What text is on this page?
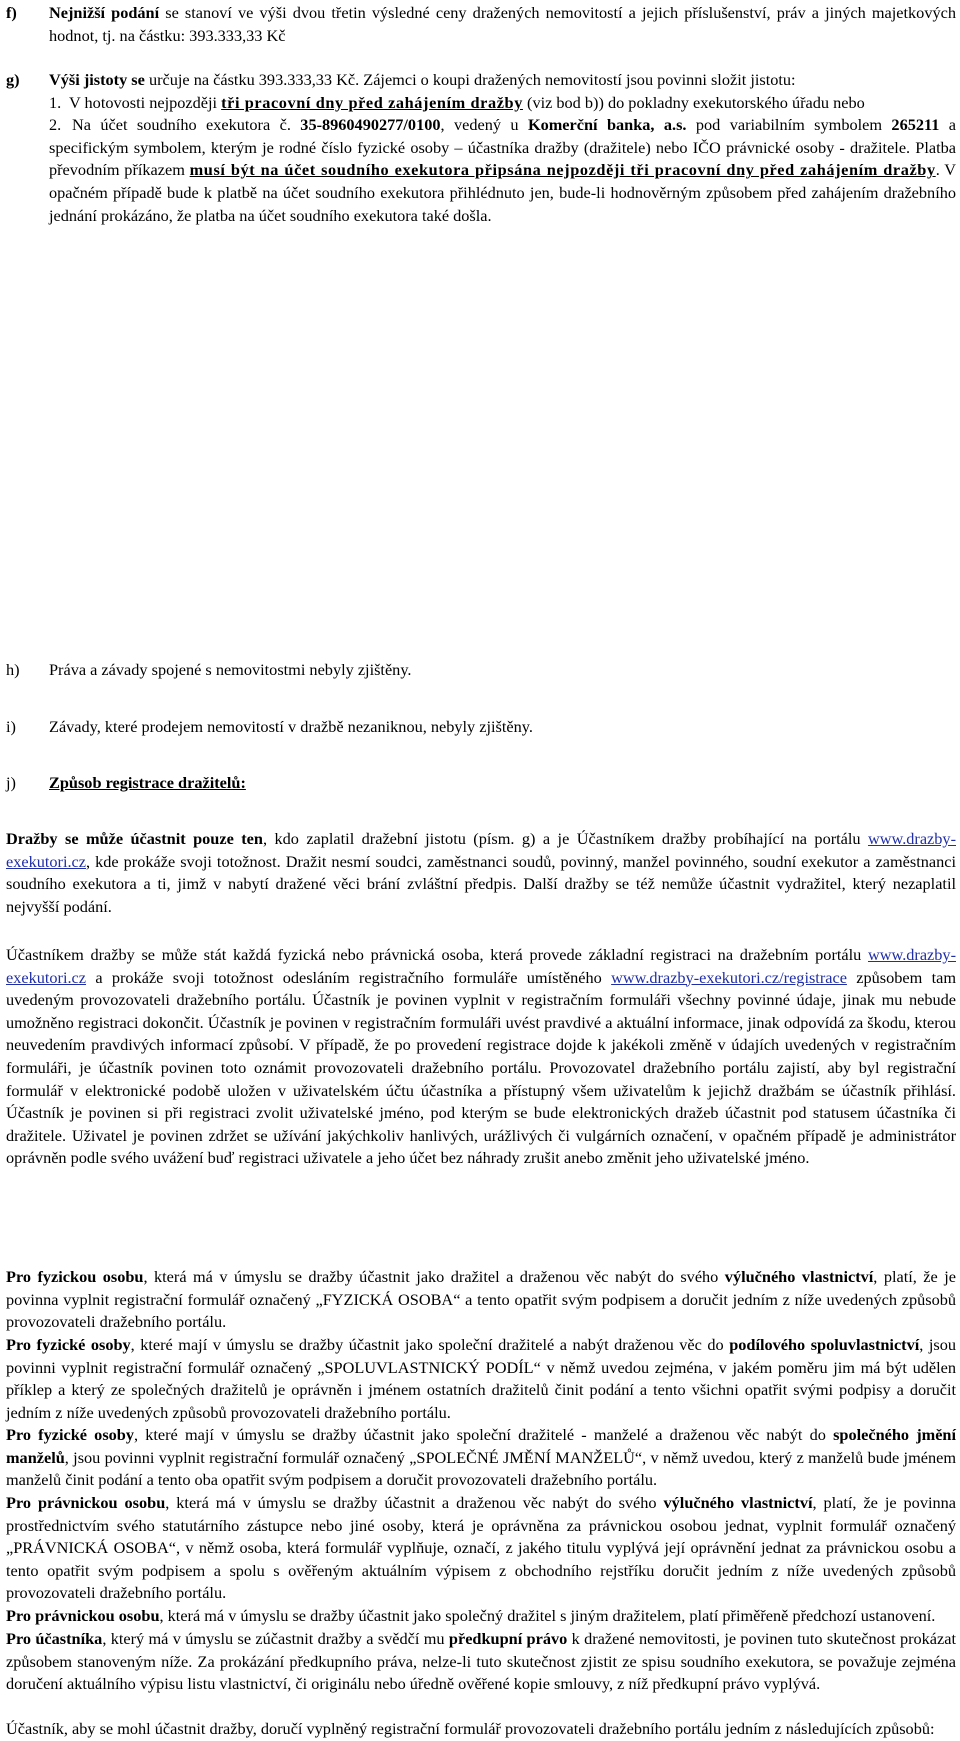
f)	Nejnižší podání se stanoví ve výši dvou třetin výsledné ceny dražených nemovitostí a jejich příslušenství, práv a jiných majetkových hodnot, tj. na částku: 393.333,33 Kč
g)	Výši jistoty se určuje na částku 393.333,33 Kč. Zájemci o koupi dražených nemovitostí jsou povinni složit jistotu:
1. V hotovosti nejpozději tři pracovní dny před zahájením dražby (viz bod b)) do pokladny exekutorského úřadu nebo
2. Na účet soudního exekutora č. 35-8960490277/0100, vedený u Komerční banka, a.s. pod variabilním symbolem 265211 a specifickým symbolem, kterým je rodné číslo fyzické osoby – účastníka dražby (dražitele) nebo IČO právnické osoby - dražitele. Platba převodním příkazem musí být na účet soudního exekutora připsána nejpozději tři pracovní dny před zahájením dražby. V opačném případě bude k platbě na účet soudního exekutora přihlédnuto jen, bude-li hodnověrným způsobem před zahájením dražebního jednání prokázáno, že platba na účet soudního exekutora také došla.
h)	Práva a závady spojené s nemovitostmi nebyly zjištěny.
i)	Závady, které prodejem nemovitostí v dražbě nezaniknou, nebyly zjištěny.
j)	Způsob registrace dražitelů:

Dražby se může účastnit pouze ten, kdo zaplatil dražební jistotu (písm. g) a je Účastníkem dražby probíhající na portálu www.drazby-exekutori.cz, kde prokáže svoji totožnost. Dražit nesmí soudci, zaměstnanci soudů, povinný, manžel povinného, soudní exekutor a zaměstnanci soudního exekutora a ti, jimž v nabytí dražené věci brání zvláštní předpis. Další dražby se též nemůže účastnit vydražitel, který nezaplatil nejvyšší podání.

Účastníkem dražby se může stát každá fyzická nebo právnická osoba, která provede základní registraci na dražebním portálu www.drazby-exekutori.cz a prokáže svoji totožnost odesláním registračního formuláře umístěného www.drazby-exekutori.cz/registrace způsobem tam uvedeným provozovateli dražebního portálu. Účastník je povinen vyplnit v registračním formuláři všechny povinné údaje, jinak mu nebude umožněno registraci dokončit. Účastník je povinen v registračním formuláři uvést pravdivé a aktuální informace, jinak odpovídá za škodu, kterou neuvedením pravdivých informací způsobí. V případě, že po provedení registrace dojde k jakékoli změně v údajích uvedených v registračním formuláři, je účastník povinen toto oznámit provozovateli dražebního portálu. Provozovatel dražebního portálu zajistí, aby byl registrační formulář v elektronické podobě uložen v uživatelském účtu účastníka a přístupný všem uživatelům k jejichž dražbám se účastník přihlásí. Účastník je povinen si při registraci zvolit uživatelské jméno, pod kterým se bude elektronických dražeb účastnit pod statusem účastníka či dražitele. Uživatel je povinen zdržet se užívání jakýchkoliv hanlivých, urážlivých či vulgárních označení, v opačném případě je administrátor oprávněn podle svého uvážení buď registraci uživatele a jeho účet bez náhrady zrušit anebo změnit jeho uživatelské jméno.

Pro fyzickou osobu, která má v úmyslu se dražby účastnit jako dražitel a draženou věc nabýt do svého výlučného vlastnictví, platí, že je povinna vyplnit registrační formulář označený „FYZICKÁ OSOBA“ a tento opatřit svým podpisem a doručit jedním z níže uvedených způsobů provozovateli dražebního portálu.

Pro fyzické osoby, které mají v úmyslu se dražby účastnit jako společní dražitelé a nabýt draženou věc do podílového spoluvlastnictví, jsou povinni vyplnit registrační formulář označený „SPOLUVLASTNICKÝ PODÍL“ v němž uvedou zejména, v jakém poměru jim má být udělen příklep a který ze společných dražitelů je oprávněn i jménem ostatních dražitelů činit podání a tento všichni opatřit svými podpisy a doručit jedním z níže uvedených způsobů provozovateli dražebního portálu.

Pro fyzické osoby, které mají v úmyslu se dražby účastnit jako společní dražitelé - manželé a draženou věc nabýt do společného jmění manželů, jsou povinni vyplnit registrační formulář označený „SPOLEČNÉ JMĚNÍ MANŽELŮ“, v němž uvedou, který z manželů bude jménem manželů činit podání a tento oba opatřit svým podpisem a doručit provozovateli dražebního portálu.

Pro právnickou osobu, která má v úmyslu se dražby účastnit a draženou věc nabýt do svého výlučného vlastnictví, platí, že je povinna prostřednictvím svého statutárního zástupce nebo jiné osoby, která je oprávněna za právnickou osobou jednat, vyplnit formulář označený „PRÁVNICKÁ OSOBA“, v němž osoba, která formulář vyplňuje, označí, z jakého titulu vyplývá její oprávnění jednat za právnickou osobu a tento opatřit svým podpisem a spolu s ověřeným aktuálním výpisem z obchodního rejstříku doručit jedním z níže uvedených způsobů provozovateli dražebního portálu.

Pro právnickou osobu, která má v úmyslu se dražby účastnit jako společný dražitel s jiným dražitelem, platí přiměřeně předchozí ustanovení.

Pro účastníka, který má v úmyslu se zúčastnit dražby a svědčí mu předkupní právo k dražené nemovitosti, je povinen tuto skutečnost prokázat způsobem stanoveným níže. Za prokázání předkupního práva, nelze-li tuto skutečnost zjistit ze spisu soudního exekutora, se považuje zejména doručení aktuálního výpisu listu vlastnictví, či originálu nebo úředně ověřené kopie smlouvy, z níž předkupní právo vyplývá.

Účastník, aby se mohl účastnit dražby, doručí vyplněný registrační formulář provozovateli dražebního portálu jedním z následujících způsobů:
